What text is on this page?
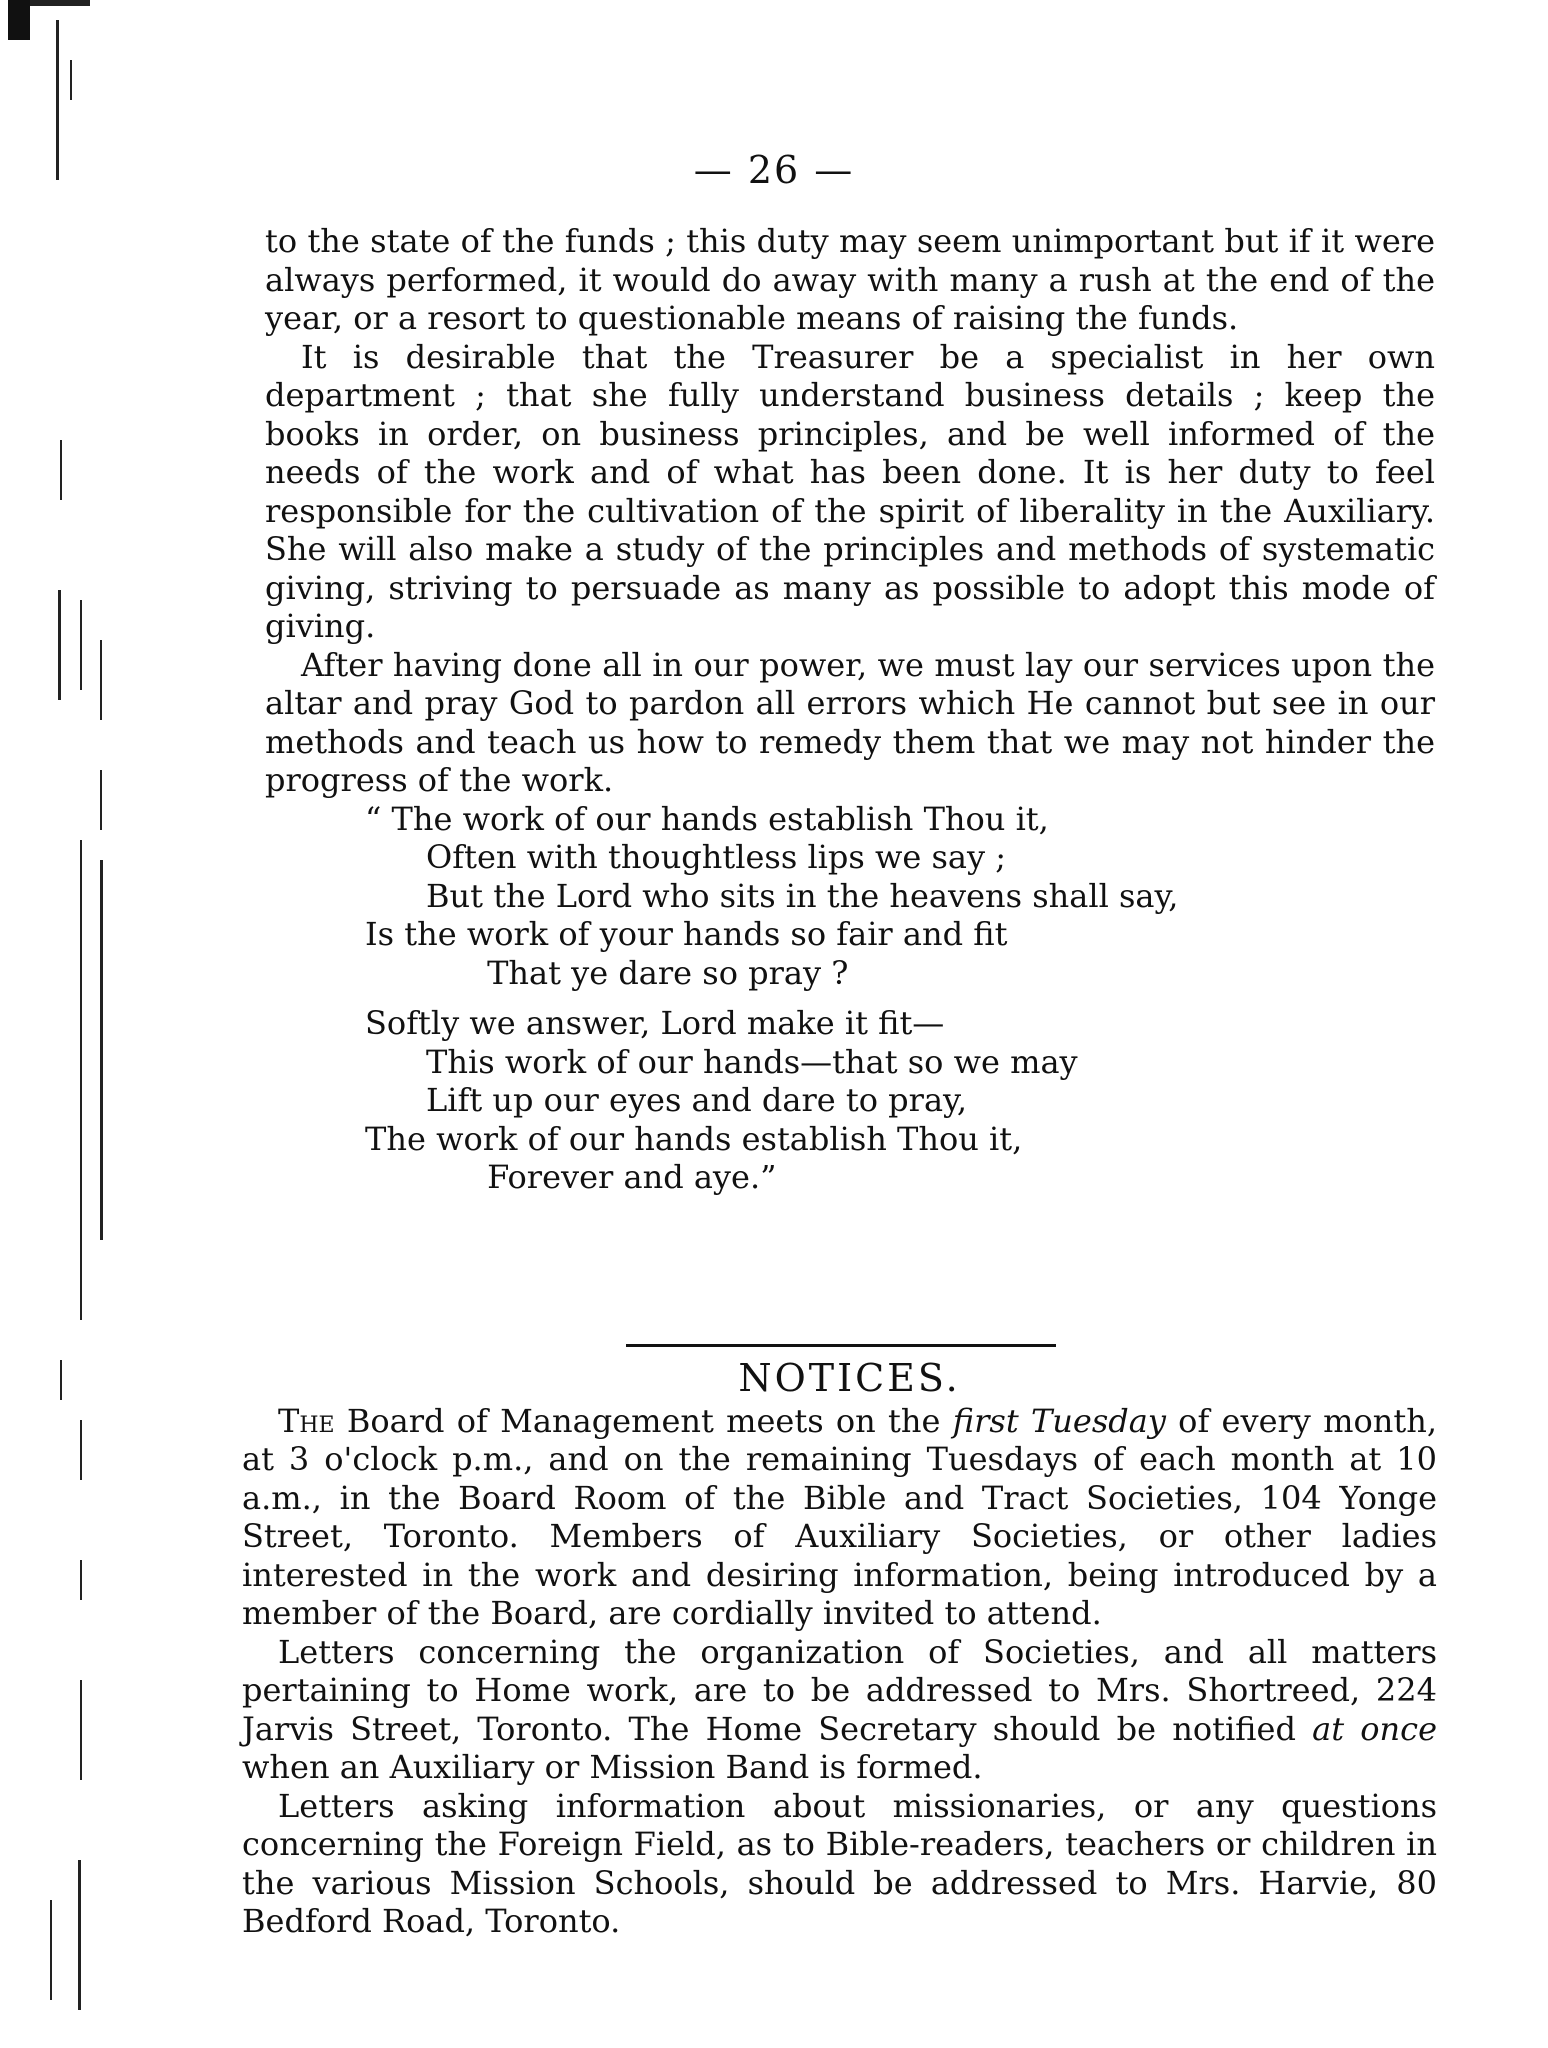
— 26 —

to the state of the funds ; this duty may seem unimportant but if it were always performed, it would do away with many a rush at the end of the year, or a resort to questionable means of raising the funds.

It is desirable that the Treasurer be a specialist in her own department ; that she fully understand business details ; keep the books in order, on business principles, and be well informed of the needs of the work and of what has been done. It is her duty to feel responsible for the cultivation of the spirit of liberality in the Auxiliary. She will also make a study of the principles and methods of systematic giving, striving to persuade as many as possible to adopt this mode of giving.

After having done all in our power, we must lay our services upon the altar and pray God to pardon all errors which He cannot but see in our methods and teach us how to remedy them that we may not hinder the progress of the work.

“ The work of our hands establish Thou it,
Often with thoughtless lips we say ;
But the Lord who sits in the heavens shall say,
Is the work of your hands so fair and fit
That ye dare so pray ?
Softly we answer, Lord make it fit—
This work of our hands—that so we may
Lift up our eyes and dare to pray,
The work of our hands establish Thou it,
Forever and aye.”
NOTICES.

The Board of Management meets on the first Tuesday of every month, at 3 o'clock p.m., and on the remaining Tuesdays of each month at 10 a.m., in the Board Room of the Bible and Tract Societies, 104 Yonge Street, Toronto. Members of Auxiliary Societies, or other ladies interested in the work and desiring information, being introduced by a member of the Board, are cordially invited to attend.

Letters concerning the organization of Societies, and all matters pertaining to Home work, are to be addressed to Mrs. Shortreed, 224 Jarvis Street, Toronto. The Home Secretary should be notified at once when an Auxiliary or Mission Band is formed.

Letters asking information about missionaries, or any questions concerning the Foreign Field, as to Bible-readers, teachers or children in the various Mission Schools, should be addressed to Mrs. Harvie, 80 Bedford Road, Toronto.
